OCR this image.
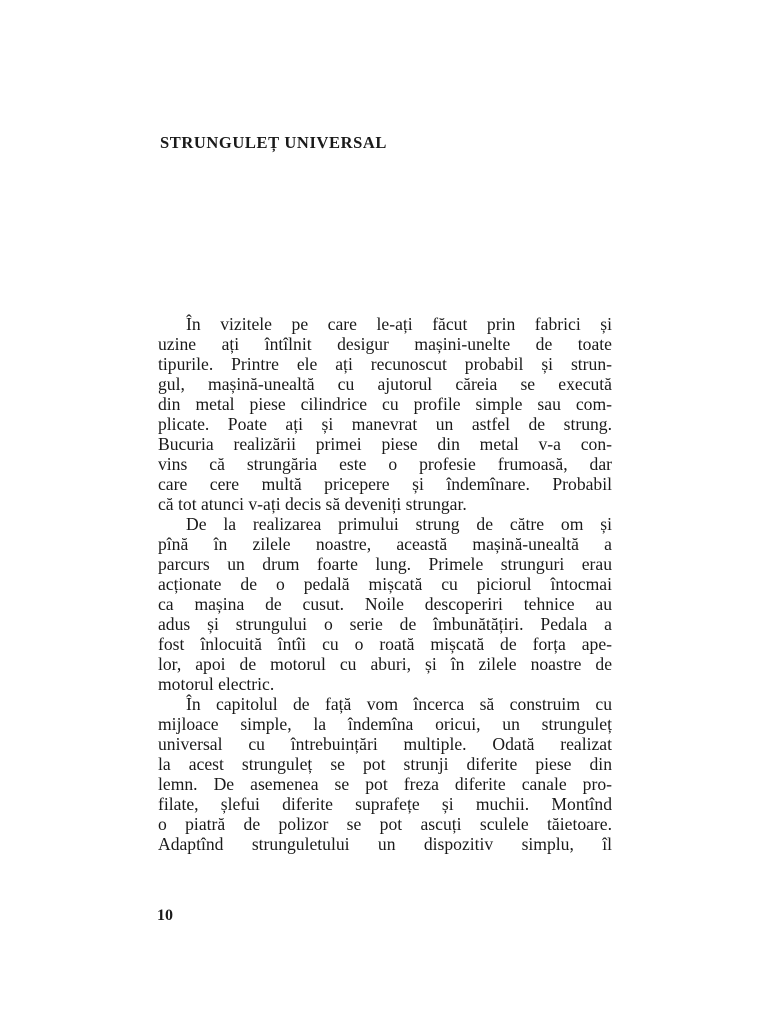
STRUNGULEȚ UNIVERSAL
În vizitele pe care le-ați făcut prin fabrici și
uzine ați întîlnit desigur mașini-unelte de toate
tipurile. Printre ele ați recunoscut probabil și strun-
gul, mașină-unealtă cu ajutorul căreia se execută
din metal piese cilindrice cu profile simple sau com-
plicate. Poate ați și manevrat un astfel de strung.
Bucuria realizării primei piese din metal v-a con-
vins că strungăria este o profesie frumoasă, dar
care cere multă pricepere și îndemînare. Probabil
că tot atunci v-ați decis să deveniți strungar.
De la realizarea primului strung de către om și
pînă în zilele noastre, această mașină-unealtă a
parcurs un drum foarte lung. Primele strunguri erau
acționate de o pedală mișcată cu piciorul întocmai
ca mașina de cusut. Noile descoperiri tehnice au
adus și strungului o serie de îmbunătățiri. Pedala a
fost înlocuită întîi cu o roată mișcată de forța ape-
lor, apoi de motorul cu aburi, și în zilele noastre de
motorul electric.
În capitolul de față vom încerca să construim cu
mijloace simple, la îndemîna oricui, un strunguleț
universal cu întrebuințări multiple. Odată realizat
la acest strunguleț se pot strunji diferite piese din
lemn. De asemenea se pot freza diferite canale pro-
filate, șlefui diferite suprafețe și muchii. Montînd
o piatră de polizor se pot ascuți sculele tăietoare.
Adaptînd strunguletului un dispozitiv simplu, îl

10
